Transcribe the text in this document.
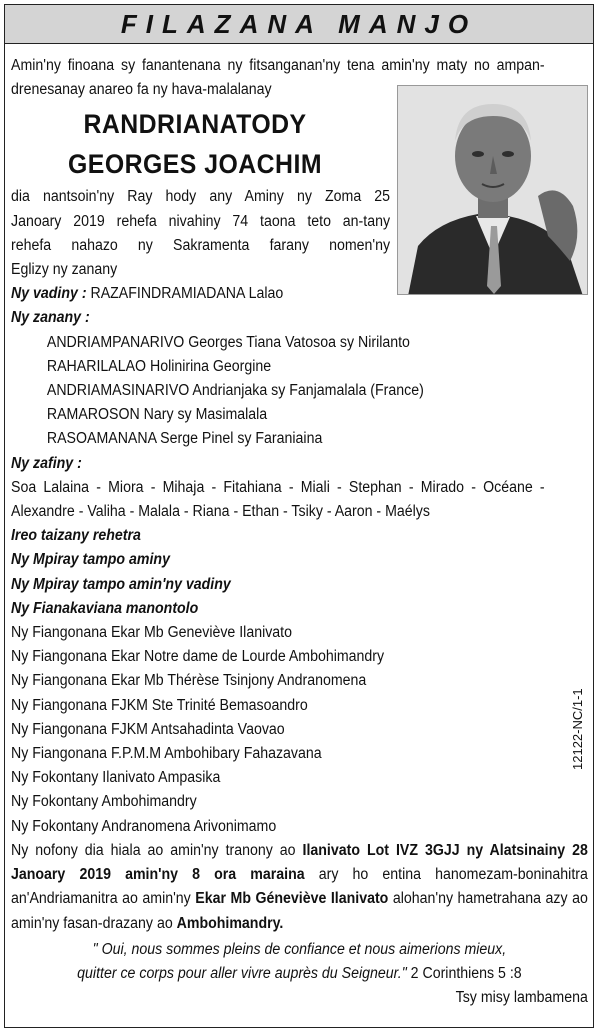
FILAZANA MANJO
Amin'ny finoana sy fanantenana ny fitsanganan'ny tena amin'ny maty no ampan-
drenesanay anareo fa ny hava-malalanay
RANDRIANATODY
GEORGES JOACHIM
dia nantsoin'ny Ray hody any Aminy ny Zoma 25
Janoary 2019 rehefa nivahiny 74 taona teto an-tany
rehefa nahazo ny Sakramenta farany nomen'ny
Eglizy ny zanany
Ny vadiny : RAZAFINDRAMIADANA Lalao
Ny zanany :
ANDRIAMPANARIVO Georges Tiana Vatosoa sy Nirilanto
RAHARILALAO Holinirina Georgine
ANDRIAMASINARIVO Andrianjaka sy Fanjamalala (France)
RAMAROSON Nary sy Masimalala
RASOAMANANA Serge Pinel sy Faraniaina
Ny zafiny :
Soa Lalaina - Miora - Mihaja - Fitahiana - Miali - Stephan - Mirado - Océane -
Alexandre - Valiha - Malala - Riana - Ethan - Tsiky - Aaron - Maélys
Ireo taizany rehetra
Ny Mpiray tampo aminy
Ny Mpiray tampo amin'ny vadiny
Ny Fianakaviana manontolo
Ny Fiangonana Ekar Mb Geneviève Ilanivato
Ny Fiangonana Ekar Notre dame de Lourde Ambohimandry
Ny Fiangonana Ekar Mb Thérèse Tsinjony Andranomena
Ny Fiangonana FJKM Ste Trinité Bemasoandro
Ny Fiangonana FJKM Antsahadinta Vaovao
Ny Fiangonana F.P.M.M Ambohibary Fahazavana
Ny Fokontany Ilanivato Ampasika
Ny Fokontany Ambohimandry
Ny Fokontany Andranomena Arivonimamo
Ny nofony dia hiala ao amin'ny tranony ao Ilanivato Lot IVZ 3GJJ ny Alatsinainy 28 Janoary 2019 amin'ny 8 ora maraina ary ho entina hanomezam-boninahitra an'Andriamanitra ao amin'ny Ekar Mb Géneviève Ilanivato alohan'ny hametrahana azy ao amin'ny fasan-drazany ao Ambohimandry.
" Oui, nous sommes pleins de confiance et nous aimerions mieux,
quitter ce corps pour aller vivre auprès du Seigneur." 2 Corinthiens 5 :8
Tsy misy lambamena
12122-NC/1-1
